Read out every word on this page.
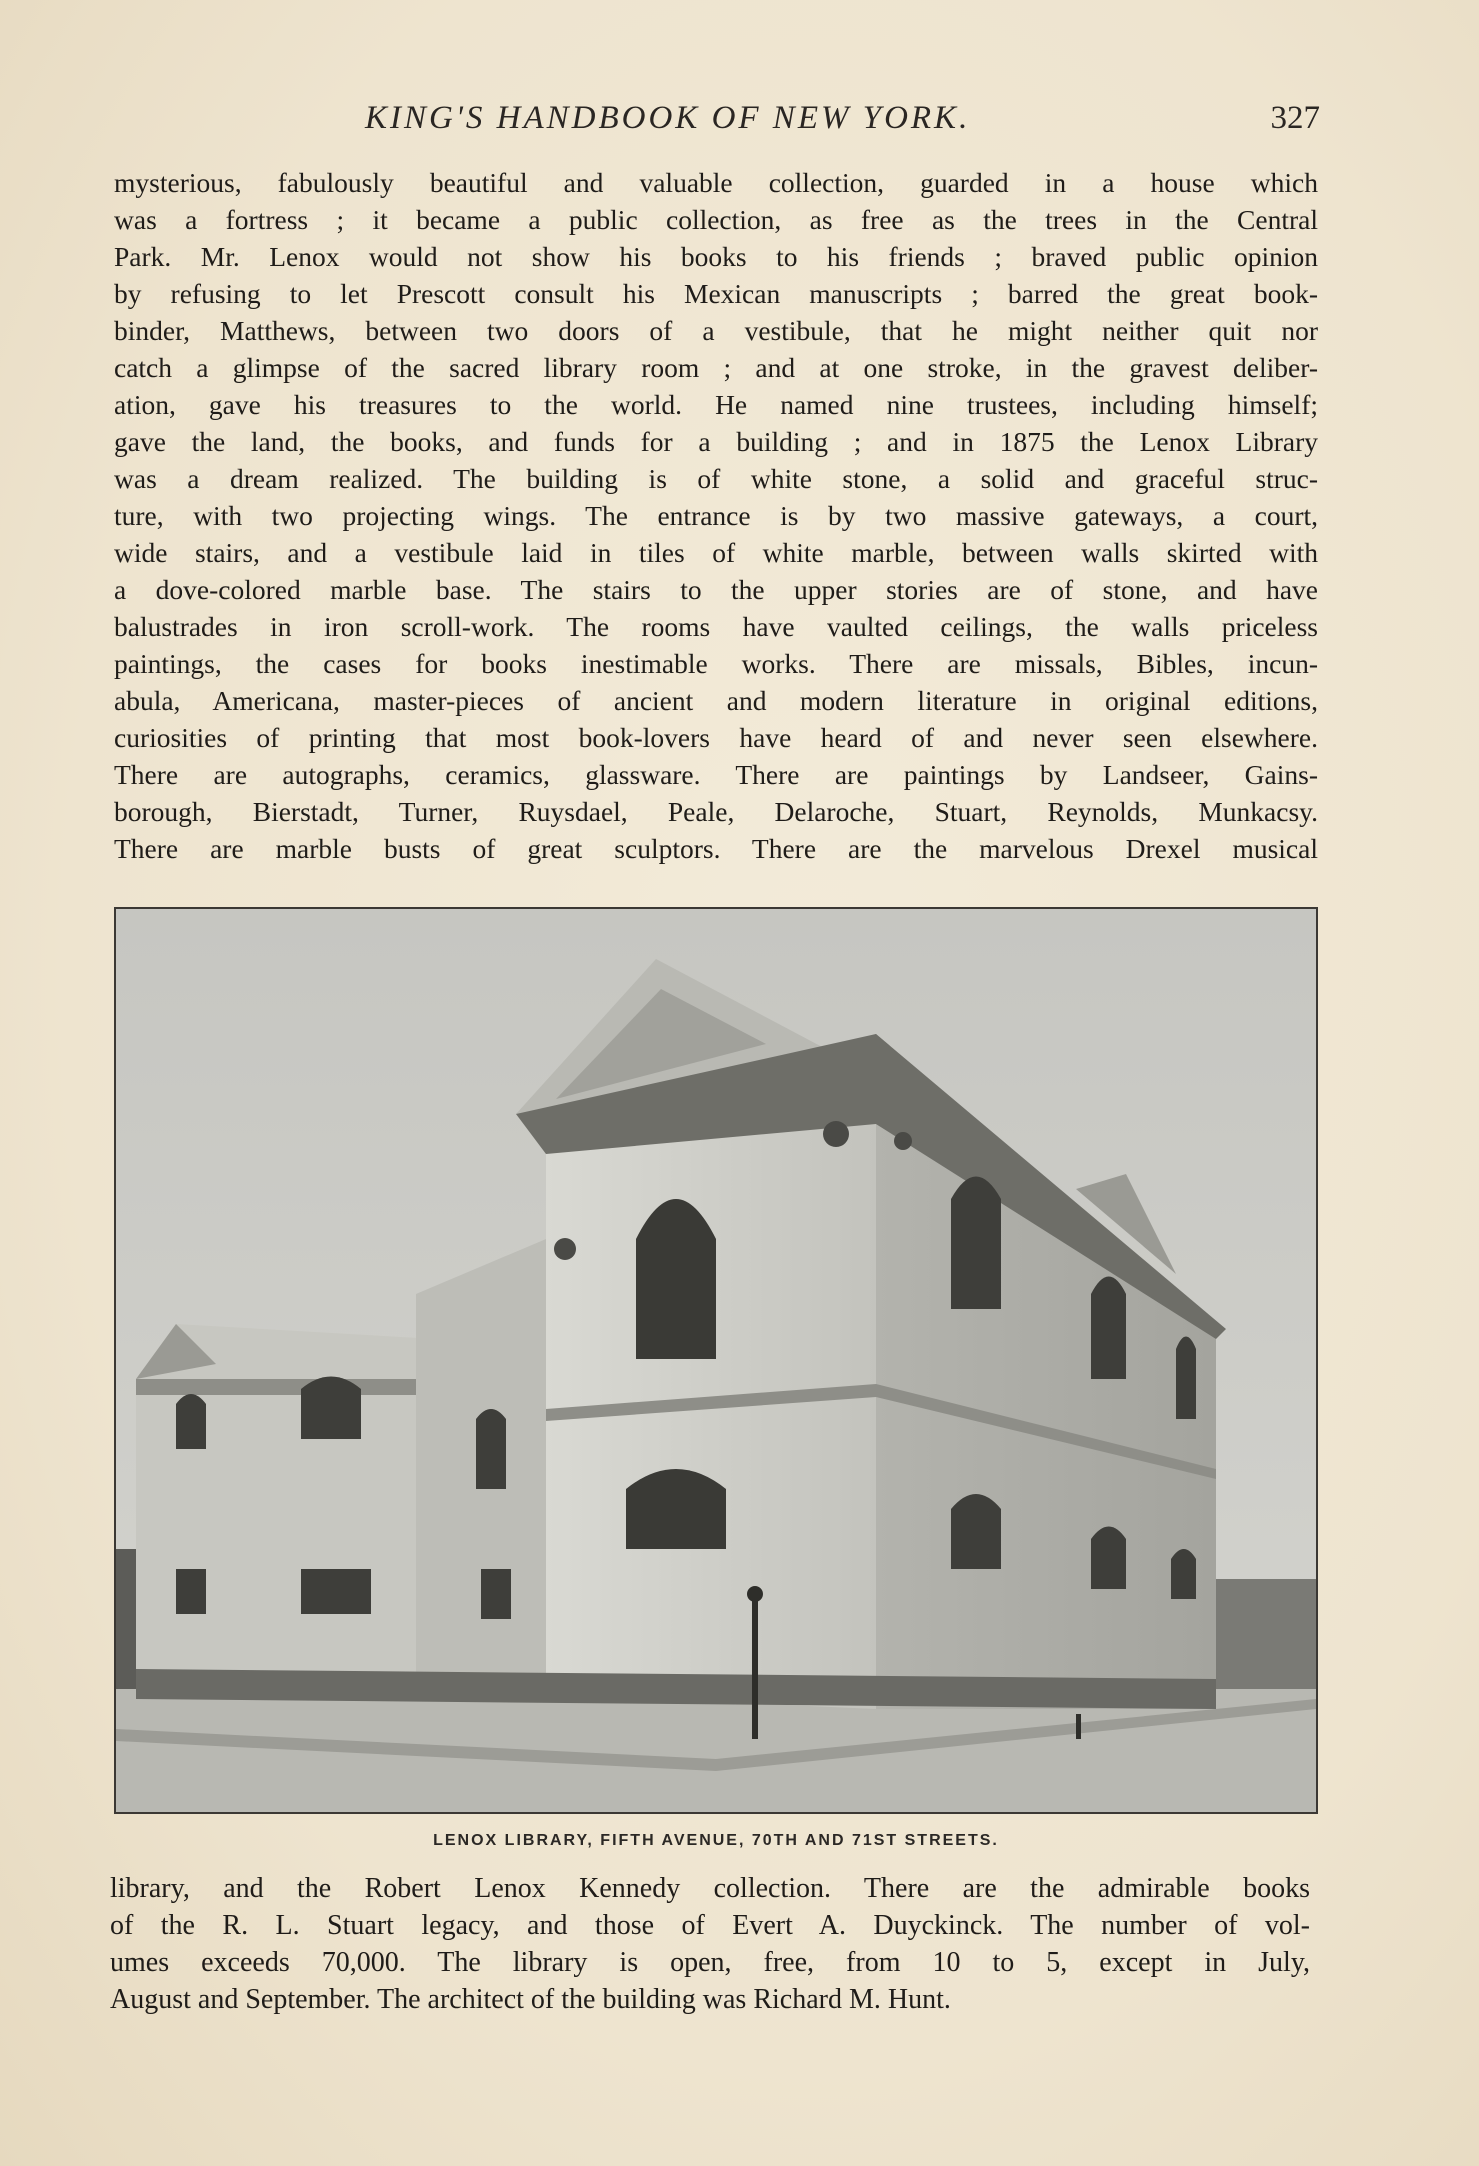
KING'S HANDBOOK OF NEW YORK.	327
mysterious, fabulously beautiful and valuable collection, guarded in a house which
was a fortress ; it became a public collection, as free as the trees in the Central
Park. Mr. Lenox would not show his books to his friends ; braved public opinion
by refusing to let Prescott consult his Mexican manuscripts ; barred the great book-
binder, Matthews, between two doors of a vestibule, that he might neither quit nor
catch a glimpse of the sacred library room ; and at one stroke, in the gravest deliber-
ation, gave his treasures to the world. He named nine trustees, including himself;
gave the land, the books, and funds for a building ; and in 1875 the Lenox Library
was a dream realized. The building is of white stone, a solid and graceful struc-
ture, with two projecting wings. The entrance is by two massive gateways, a court,
wide stairs, and a vestibule laid in tiles of white marble, between walls skirted with
a dove-colored marble base. The stairs to the upper stories are of stone, and have
balustrades in iron scroll-work. The rooms have vaulted ceilings, the walls priceless
paintings, the cases for books inestimable works. There are missals, Bibles, incun-
abula, Americana, master-pieces of ancient and modern literature in original editions,
curiosities of printing that most book-lovers have heard of and never seen elsewhere.
There are autographs, ceramics, glassware. There are paintings by Landseer, Gains-
borough, Bierstadt, Turner, Ruysdael, Peale, Delaroche, Stuart, Reynolds, Munkacsy.
There are marble busts of great sculptors. There are the marvelous Drexel musical
LENOX LIBRARY, FIFTH AVENUE, 70TH AND 71ST STREETS.
library, and the Robert Lenox Kennedy collection. There are the admirable books
of the R. L. Stuart legacy, and those of Evert A. Duyckinck. The number of vol-
umes exceeds 70,000. The library is open, free, from 10 to 5, except in July,
August and September. The architect of the building was Richard M. Hunt.
